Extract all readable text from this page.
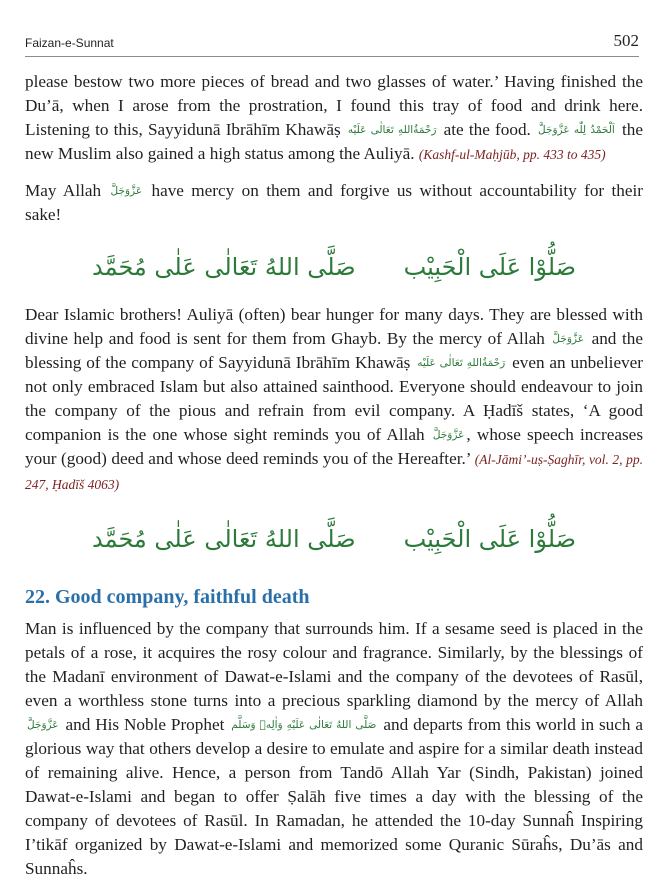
Faizan-e-Sunnat	502

please bestow two more pieces of bread and two glasses of water.’ Having finished the Du’ā, when I arose from the prostration, I found this tray of food and drink here. Listening to this, Sayyidunā Ibrāhīm Khawāṣ رَحْمَةُاللهِ تَعَالٰی عَلَيْه ate the food. اَلْحَمْدُ لِلّٰه عَزَّوَجَلَّ the new Muslim also gained a high status among the Auliyā. (Kashf-ul-Maḥjūb, pp. 433 to 435)

May Allah عَزَّوَجَلَّ have mercy on them and forgive us without accountability for their sake!

صَلُّوْا عَلَى الْحَبِيْب
صَلَّى اللهُ تَعَالٰى عَلٰى مُحَمَّد

Dear Islamic brothers! Auliyā (often) bear hunger for many days. They are blessed with divine help and food is sent for them from Ghayb. By the mercy of Allah عَزَّوَجَلَّ and the blessing of the company of Sayyidunā Ibrāhīm Khawāṣ رَحْمَةُاللهِ تَعَالٰی عَلَيْه even an unbeliever not only embraced Islam but also attained sainthood. Everyone should endeavour to join the company of the pious and refrain from evil company. A Ḥadīš states, ‘A good companion is the one whose sight reminds you of Allah عَزَّوَجَلَّ , whose speech increases your (good) deed and whose deed reminds you of the Hereafter.’ (Al-Jāmi’-uṣ-Ṣaghīr, vol. 2, pp. 247, Ḥadīš 4063)

صَلُّوْا عَلَى الْحَبِيْب
صَلَّى اللهُ تَعَالٰى عَلٰى مُحَمَّد
22. Good company, faithful death

Man is influenced by the company that surrounds him. If a sesame seed is placed in the petals of a rose, it acquires the rosy colour and fragrance. Similarly, by the blessings of the Madanī environment of Dawat-e-Islami and the company of the devotees of Rasūl, even a worthless stone turns into a precious sparkling diamond by the mercy of Allah عَزَّوَجَلَّ and His Noble Prophet صَلَّی اللهُ تَعَالٰی عَلَيْهِ وَاٰلِهٖ وَسَلَّم and departs from this world in such a glorious way that others develop a desire to emulate and aspire for a similar death instead of remaining alive. Hence, a person from Tandō Allah Yar (Sindh, Pakistan) joined Dawat-e-Islami and began to offer Ṣalāh five times a day with the blessing of the company of devotees of Rasūl. In Ramadan, he attended the 10-day Sunnaĥ Inspiring I’tikāf organized by Dawat-e-Islami and memorized some Quranic Sūraĥs, Du’ās and Sunnaĥs.
